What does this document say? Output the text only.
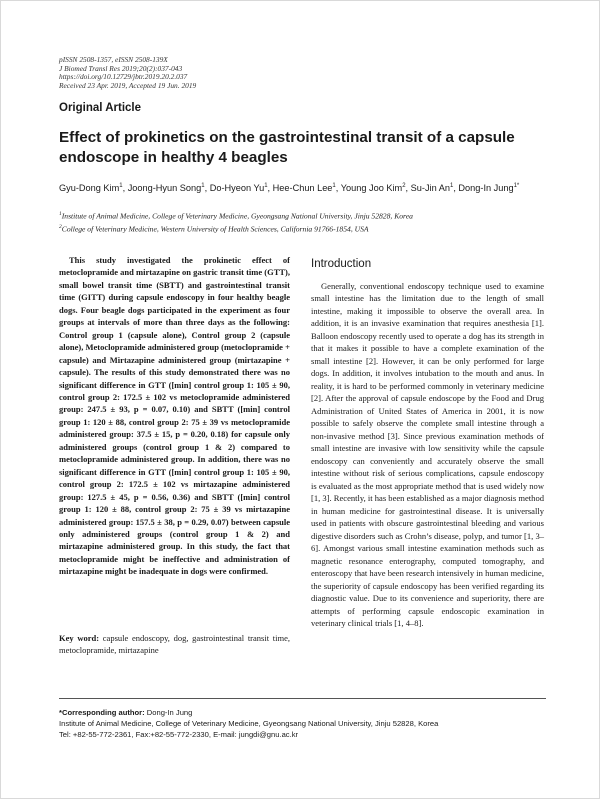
pISSN 2508-1357, eISSN 2508-139X
J Biomed Transl Res 2019;20(2):037-043
https://doi.org/10.12729/jbtr.2019.20.2.037
Received 23 Apr. 2019, Accepted 19 Jun. 2019
Original Article
Effect of prokinetics on the gastrointestinal transit of a capsule endoscope in healthy 4 beagles
Gyu-Dong Kim$^1$, Joong-Hyun Song$^1$, Do-Hyeon Yu$^1$, Hee-Chun Lee$^1$, Young Joo Kim$^2$, Su-Jin An$^1$, Dong-In Jung$^{1*}$
$^1$Institute of Animal Medicine, College of Veterinary Medicine, Gyeongsang National University, Jinju 52828, Korea
$^2$College of Veterinary Medicine, Western University of Health Sciences, California 91766-1854, USA
This study investigated the prokinetic effect of metoclopramide and mirtazapine on gastric transit time (GTT), small bowel transit time (SBTT) and gastrointestinal transit time (GITT) during capsule endoscopy in four healthy beagle dogs. Four beagle dogs participated in the experiment as four groups at intervals of more than three days as the following: Control group 1 (capsule alone), Control group 2 (capsule alone), Metoclopramide administered group (metoclopramide + capsule) and Mirtazapine administered group (mirtazapine + capsule). The results of this study demonstrated there was no significant difference in GTT ([min] control group 1: 105 ± 90, control group 2: 172.5 ± 102 vs metoclopramide administered group: 247.5 ± 93, p = 0.07, 0.10) and SBTT ([min] control group 1: 120 ± 88, control group 2: 75 ± 39 vs metoclopramide administered group: 37.5 ± 15, p = 0.20, 0.18) for capsule only administered groups (control group 1 & 2) compared to metoclopramide administered group. In addition, there was no significant difference in GTT ([min] control group 1: 105 ± 90, control group 2: 172.5 ± 102 vs mirtazapine administered group: 127.5 ± 45, p = 0.56, 0.36) and SBTT ([min] control group 1: 120 ± 88, control group 2: 75 ± 39 vs mirtazapine administered group: 157.5 ± 38, p = 0.29, 0.07) between capsule only administered groups (control group 1 & 2) and mirtazapine administered group. In this study, the fact that metoclopramide might be ineffective and administration of mirtazapine might be inadequate in dogs were confirmed.
Key word: capsule endoscopy, dog, gastrointestinal transit time, metoclopramide, mirtazapine
Introduction
Generally, conventional endoscopy technique used to examine small intestine has the limitation due to the length of small intestine, making it impossible to observe the overall area. In addition, it is an invasive examination that requires anesthesia [1]. Balloon endoscopy recently used to operate a dog has its strength in that it makes it possible to have a complete examination of the small intestine [2]. However, it can be only performed for large dogs. In addition, it involves intubation to the mouth and anus. In reality, it is hard to be performed commonly in veterinary medicine [2]. After the approval of capsule endoscope by the Food and Drug Administration of United States of America in 2001, it is now possible to safely observe the complete small intestine through a non-invasive method [3]. Since previous examination methods of small intestine are invasive with low sensitivity while the capsule endoscopy can conveniently and accurately observe the small intestine without risk of serious complications, capsule endoscopy is evaluated as the most appropriate method that is used widely now [1, 3]. Recently, it has been established as a major diagnosis method in human medicine for gastrointestinal disease. It is universally used in patients with obscure gastrointestinal bleeding and various digestive disorders such as Crohn’s disease, polyp, and tumor [1, 3–6]. Amongst various small intestine examination methods such as magnetic resonance enterography, computed tomography, and enteroscopy that have been research intensively in human medicine, the superiority of capsule endoscopy has been verified regarding its diagnostic value. Due to its convenience and superiority, there are attempts of performing capsule endoscopic examination in veterinary clinical trials [1, 4–8].
*Corresponding author: Dong-In Jung
Institute of Animal Medicine, College of Veterinary Medicine, Gyeongsang National University, Jinju 52828, Korea
Tel: +82-55-772-2361, Fax:+82-55-772-2330, E-mail: jungdi@gnu.ac.kr
